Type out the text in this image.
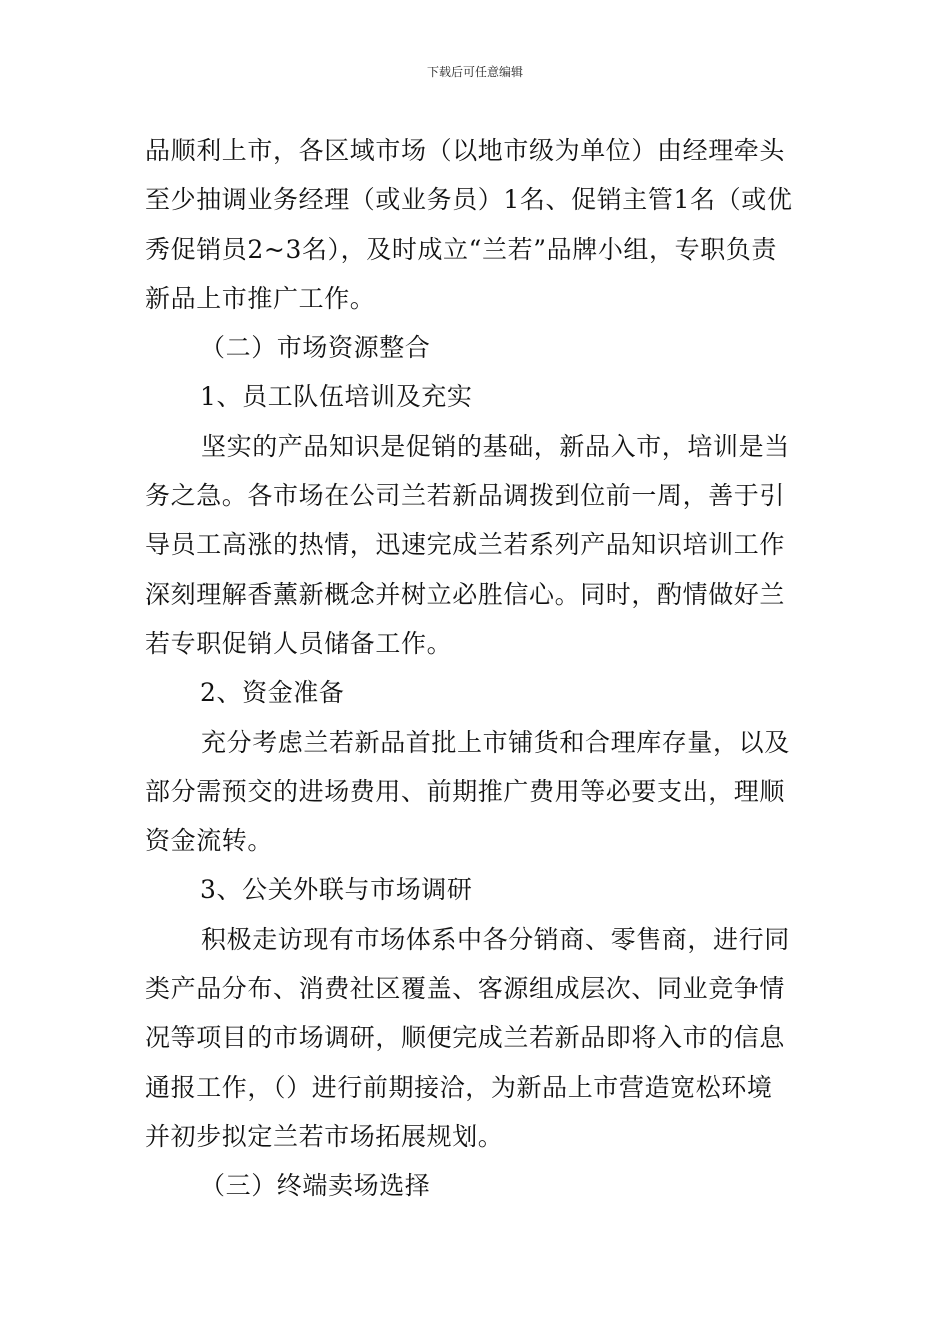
下载后可任意编辑
品顺利上市，各区域市场（以地市级为单位）由经理牵头
至少抽调业务经理（或业务员）1名、促销主管1名（或优
秀促销员2~3名），及时成立“兰若”品牌小组，专职负责
新品上市推广工作。
（二）市场资源整合
1、员工队伍培训及充实
坚实的产品知识是促销的基础，新品入市，培训是当
务之急。各市场在公司兰若新品调拨到位前一周，善于引
导员工高涨的热情，迅速完成兰若系列产品知识培训工作
深刻理解香薰新概念并树立必胜信心。同时，酌情做好兰
若专职促销人员储备工作。
2、资金准备
充分考虑兰若新品首批上市铺货和合理库存量，以及
部分需预交的进场费用、前期推广费用等必要支出，理顺
资金流转。
3、公关外联与市场调研
积极走访现有市场体系中各分销商、零售商，进行同
类产品分布、消费社区覆盖、客源组成层次、同业竞争情
况等项目的市场调研，顺便完成兰若新品即将入市的信息
通报工作，（）进行前期接洽，为新品上市营造宽松环境
并初步拟定兰若市场拓展规划。
（三）终端卖场选择
